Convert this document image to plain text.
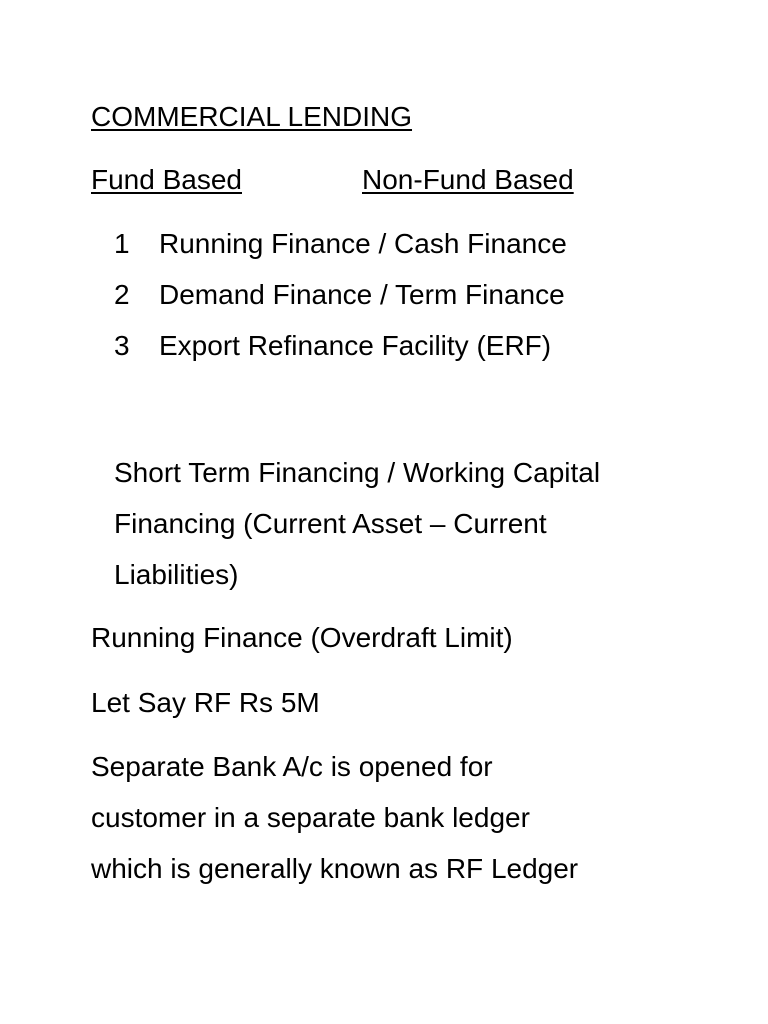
COMMERCIAL LENDING
Fund Based	Non-Fund Based
1 Running Finance / Cash Finance
2 Demand Finance / Term Finance
3 Export Refinance Facility (ERF)
Short Term Financing / Working Capital
Financing (Current Asset – Current
Liabilities)
Running Finance (Overdraft Limit)
Let Say RF Rs 5M
Separate Bank A/c is opened for
customer in a separate bank ledger
which is generally known as RF Ledger
